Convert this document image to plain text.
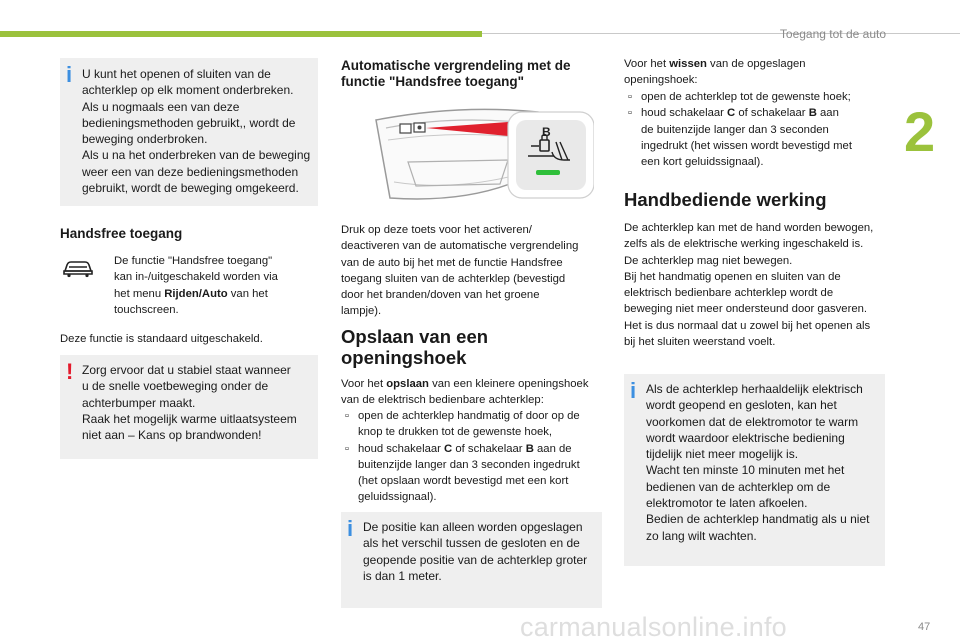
Toegang tot de auto
2
i U kunt het openen of sluiten van de
achterklep op elk moment onderbreken.
Als u nogmaals een van deze
bedieningsmethoden gebruikt,, wordt de
beweging onderbroken.
Als u na het onderbreken van de beweging
weer een van deze bedieningsmethoden
gebruikt, wordt de beweging omgekeerd.

Handsfree toegang
De functie "Handsfree toegang"
kan in-/uitgeschakeld worden via
het menu Rijden/Auto van het
touchscreen.
Deze functie is standaard uitgeschakeld.
! Zorg ervoor dat u stabiel staat wanneer
u de snelle voetbeweging onder de
achterbumper maakt.
Raak het mogelijk warme uitlaatsysteem
niet aan – Kans op brandwonden!

Automatische vergrendeling met de
functie "Handsfree toegang"
B
Druk op deze toets voor het activeren/
deactiveren van de automatische vergrendeling
van de auto bij het met de functie Handsfree
toegang sluiten van de achterklep (bevestigd
door het branden/doven van het groene
lampje).
Opslaan van een
openingshoek
Voor het opslaan van een kleinere openingshoek
van de elektrisch bedienbare achterklep:
▫ open de achterklep handmatig of door op de
knop te drukken tot de gewenste hoek,
▫ houd schakelaar C of schakelaar B aan de
buitenzijde langer dan 3 seconden ingedrukt
(het opslaan wordt bevestigd met een kort
geluidssignaal).
i De positie kan alleen worden opgeslagen
als het verschil tussen de gesloten en de
geopende positie van de achterklep groter
is dan 1 meter.

Voor het wissen van de opgeslagen
openingshoek:
▫ open de achterklep tot de gewenste hoek;
▫ houd schakelaar C of schakelaar B aan
de buitenzijde langer dan 3 seconden
ingedrukt (het wissen wordt bevestigd met
een kort geluidssignaal).
Handbediende werking
De achterklep kan met de hand worden bewogen,
zelfs als de elektrische werking ingeschakeld is.
De achterklep mag niet bewegen.
Bij het handmatig openen en sluiten van de
elektrisch bedienbare achterklep wordt de
beweging niet meer ondersteund door gasveren.
Het is dus normaal dat u zowel bij het openen als
bij het sluiten weerstand voelt.
i Als de achterklep herhaaldelijk elektrisch
wordt geopend en gesloten, kan het
voorkomen dat de elektromotor te warm
wordt waardoor elektrische bediening
tijdelijk niet meer mogelijk is.
Wacht ten minste 10 minuten met het
bedienen van de achterklep om de
elektromotor te laten afkoelen.
Bedien de achterklep handmatig als u niet
zo lang wilt wachten.

carmanualsonline.info	47
